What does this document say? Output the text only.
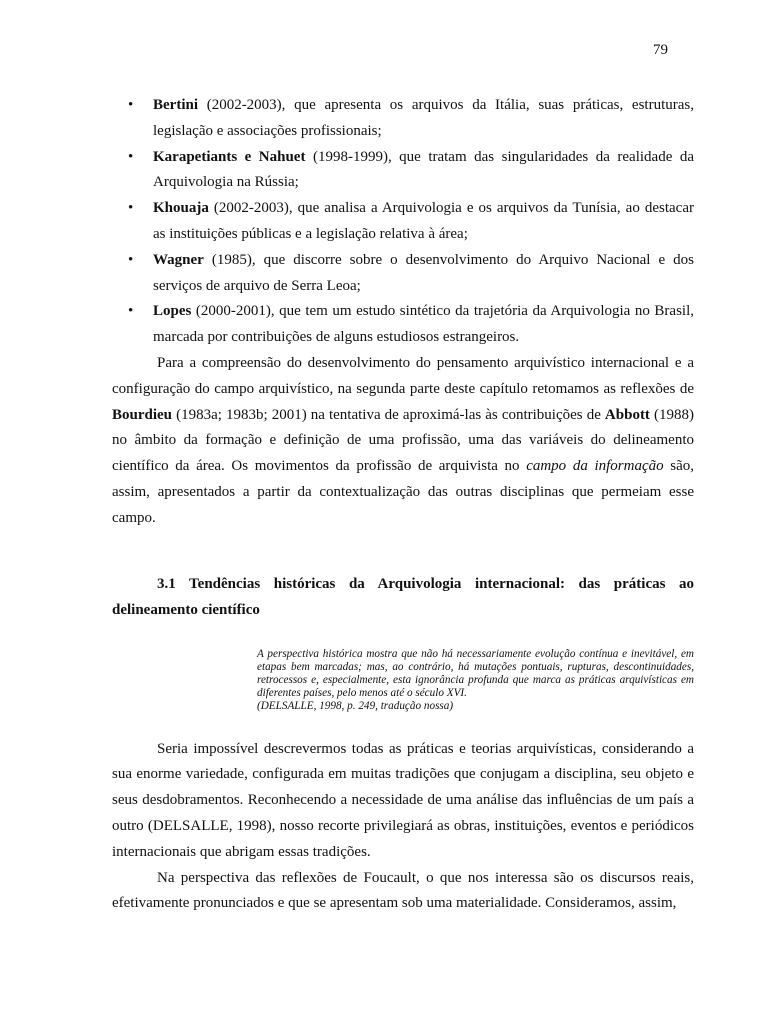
79
• Bertini (2002-2003), que apresenta os arquivos da Itália, suas práticas, estruturas, legislação e associações profissionais;
• Karapetiants e Nahuet (1998-1999), que tratam das singularidades da realidade da Arquivologia na Rússia;
• Khouaja (2002-2003), que analisa a Arquivologia e os arquivos da Tunísia, ao destacar as instituições públicas e a legislação relativa à área;
• Wagner (1985), que discorre sobre o desenvolvimento do Arquivo Nacional e dos serviços de arquivo de Serra Leoa;
• Lopes (2000-2001), que tem um estudo sintético da trajetória da Arquivologia no Brasil, marcada por contribuições de alguns estudiosos estrangeiros.

Para a compreensão do desenvolvimento do pensamento arquivístico internacional e a configuração do campo arquivístico, na segunda parte deste capítulo retomamos as reflexões de Bourdieu (1983a; 1983b; 2001) na tentativa de aproximá-las às contribuições de Abbott (1988) no âmbito da formação e definição de uma profissão, uma das variáveis do delineamento científico da área. Os movimentos da profissão de arquivista no campo da informação são, assim, apresentados a partir da contextualização das outras disciplinas que permeiam esse campo.

3.1 Tendências históricas da Arquivologia internacional: das práticas ao delineamento científico

A perspectiva histórica mostra que não há necessariamente evolução contínua e inevitável, em etapas bem marcadas; mas, ao contrário, há mutações pontuais, rupturas, descontinuidades, retrocessos e, especialmente, esta ignorância profunda que marca as práticas arquivísticas em diferentes países, pelo menos até o século XVI.
(DELSALLE, 1998, p. 249, tradução nossa)

Seria impossível descrevermos todas as práticas e teorias arquivísticas, considerando a sua enorme variedade, configurada em muitas tradições que conjugam a disciplina, seu objeto e seus desdobramentos. Reconhecendo a necessidade de uma análise das influências de um país a outro (DELSALLE, 1998), nosso recorte privilegiará as obras, instituições, eventos e periódicos internacionais que abrigam essas tradições.

Na perspectiva das reflexões de Foucault, o que nos interessa são os discursos reais, efetivamente pronunciados e que se apresentam sob uma materialidade. Consideramos, assim,
